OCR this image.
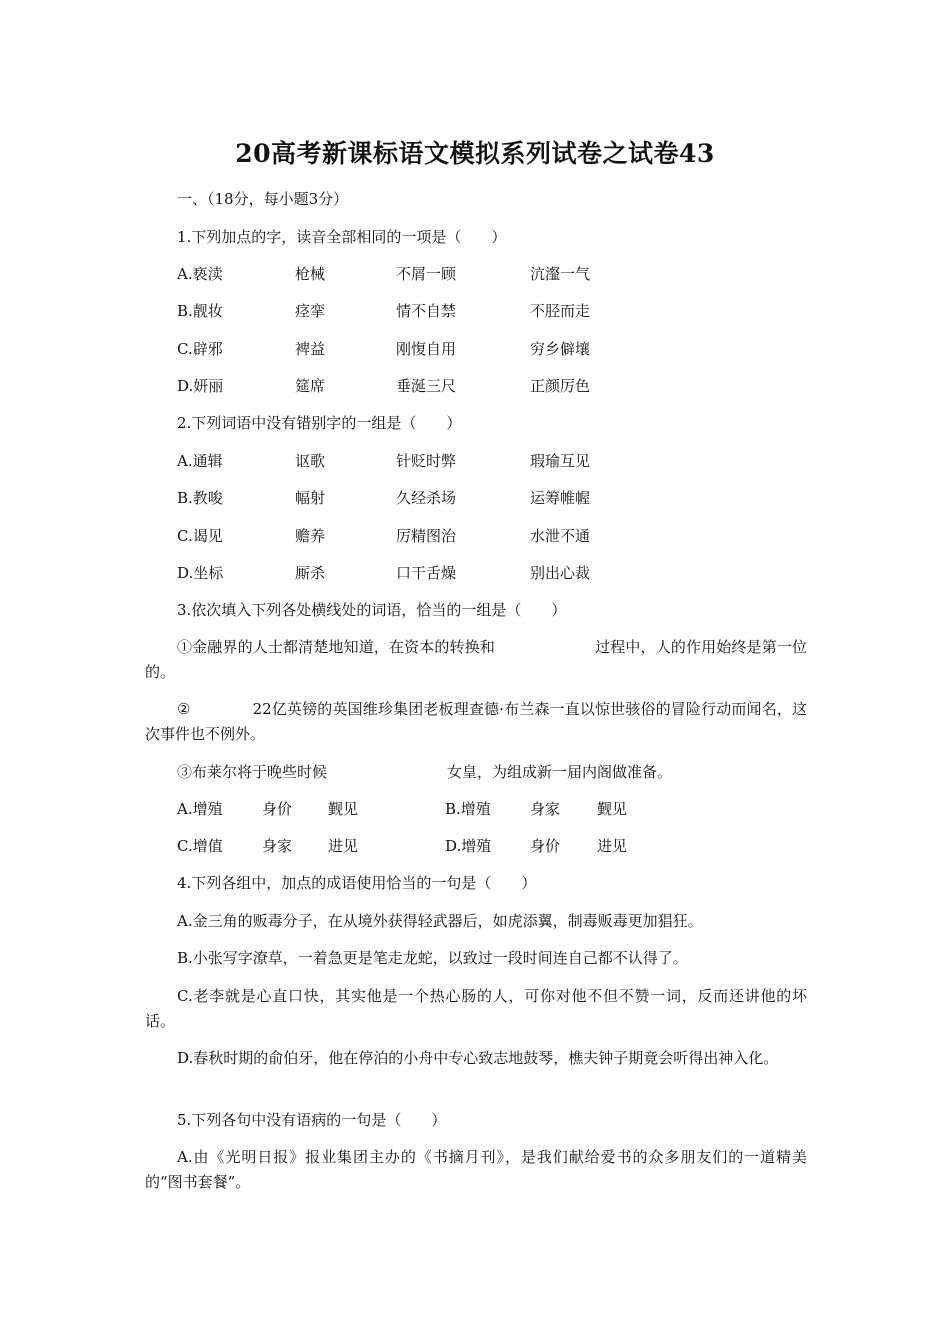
20高考新课标语文模拟系列试卷之试卷43
一、（18分，每小题3分）
1.下列加点的字，读音全部相同的一项是（　　）
A.亵渎	枪械	不屑一顾	沆瀣一气
B.靓妆	痉挛	情不自禁	不胫而走
C.辟邪	裨益	刚愎自用	穷乡僻壤
D.妍丽	筵席	垂涎三尺	正颜厉色
2.下列词语中没有错别字的一组是（　　）
A.通辑	讴歌	针贬时弊	瑕瑜互见
B.教唆	幅射	久经杀场	运筹帷幄
C.谒见	赡养	厉精图治	水泄不通
D.坐标	厮杀	口干舌燥	别出心裁
3.依次填入下列各处横线处的词语，恰当的一组是（　　）
①金融界的人士都清楚地知道，在资本的转换和	过程中，人的作用始终是第一位的。
②	22亿英镑的英国维珍集团老板理查德·布兰森一直以惊世骇俗的冒险行动而闻名，这次事件也不例外。
③布莱尔将于晚些时候	女皇，为组成新一届内阁做准备。
A.增殖	身价 觐见	B.增殖	身家 觐见
C.增值	身家 进见	D.增殖	身价 进见
4.下列各组中，加点的成语使用恰当的一句是（　　）
A.金三角的贩毒分子，在从境外获得轻武器后，如虎添翼，制毒贩毒更加猖狂。
B.小张写字潦草，一着急更是笔走龙蛇，以致过一段时间连自己都不认得了。
C.老李就是心直口快，其实他是一个热心肠的人，可你对他不但不赞一词，反而还讲他的坏话。
D.春秋时期的俞伯牙，他在停泊的小舟中专心致志地鼓琴，樵夫钟子期竟会听得出神入化。
5.下列各句中没有语病的一句是（　　）
A.由《光明日报》报业集团主办的《书摘月刊》，是我们献给爱书的众多朋友们的一道精美的“图书套餐”。
